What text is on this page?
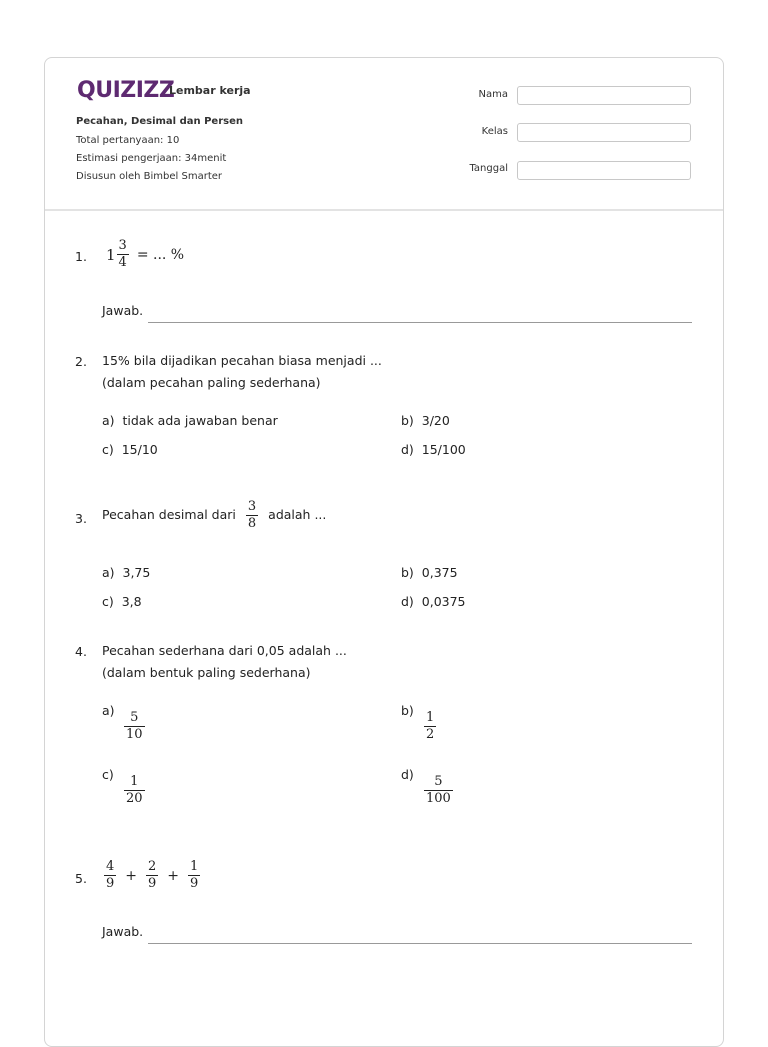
QUIZIZZ
Lembar kerja
Pecahan, Desimal dan Persen
Total pertanyaan: 10
Estimasi pengerjaan: 34menit
Disusun oleh Bimbel Smarter
Nama
Kelas
Tanggal
1. $1 \frac{3}{4}$ = ... %
Jawab.
2. 15% bila dijadikan pecahan biasa menjadi ...
(dalam pecahan paling sederhana)
a) tidak ada jawaban benar	b) 3/20
c) 15/10	d) 15/100
3. Pecahan desimal dari $\frac{3}{8}$ adalah ...
a) 3,75	b) 0,375
c) 3,8	d) 0,0375
4. Pecahan sederhana dari 0,05 adalah ...
(dalam bentuk paling sederhana)
$a) \frac{5}{10}$	$b) \frac{1}{2}$
$c) \frac{1}{20}$	$d) \frac{5}{100}$
5. $\frac{4}{9} + \frac{2}{9} + \frac{1}{9}$
Jawab.
